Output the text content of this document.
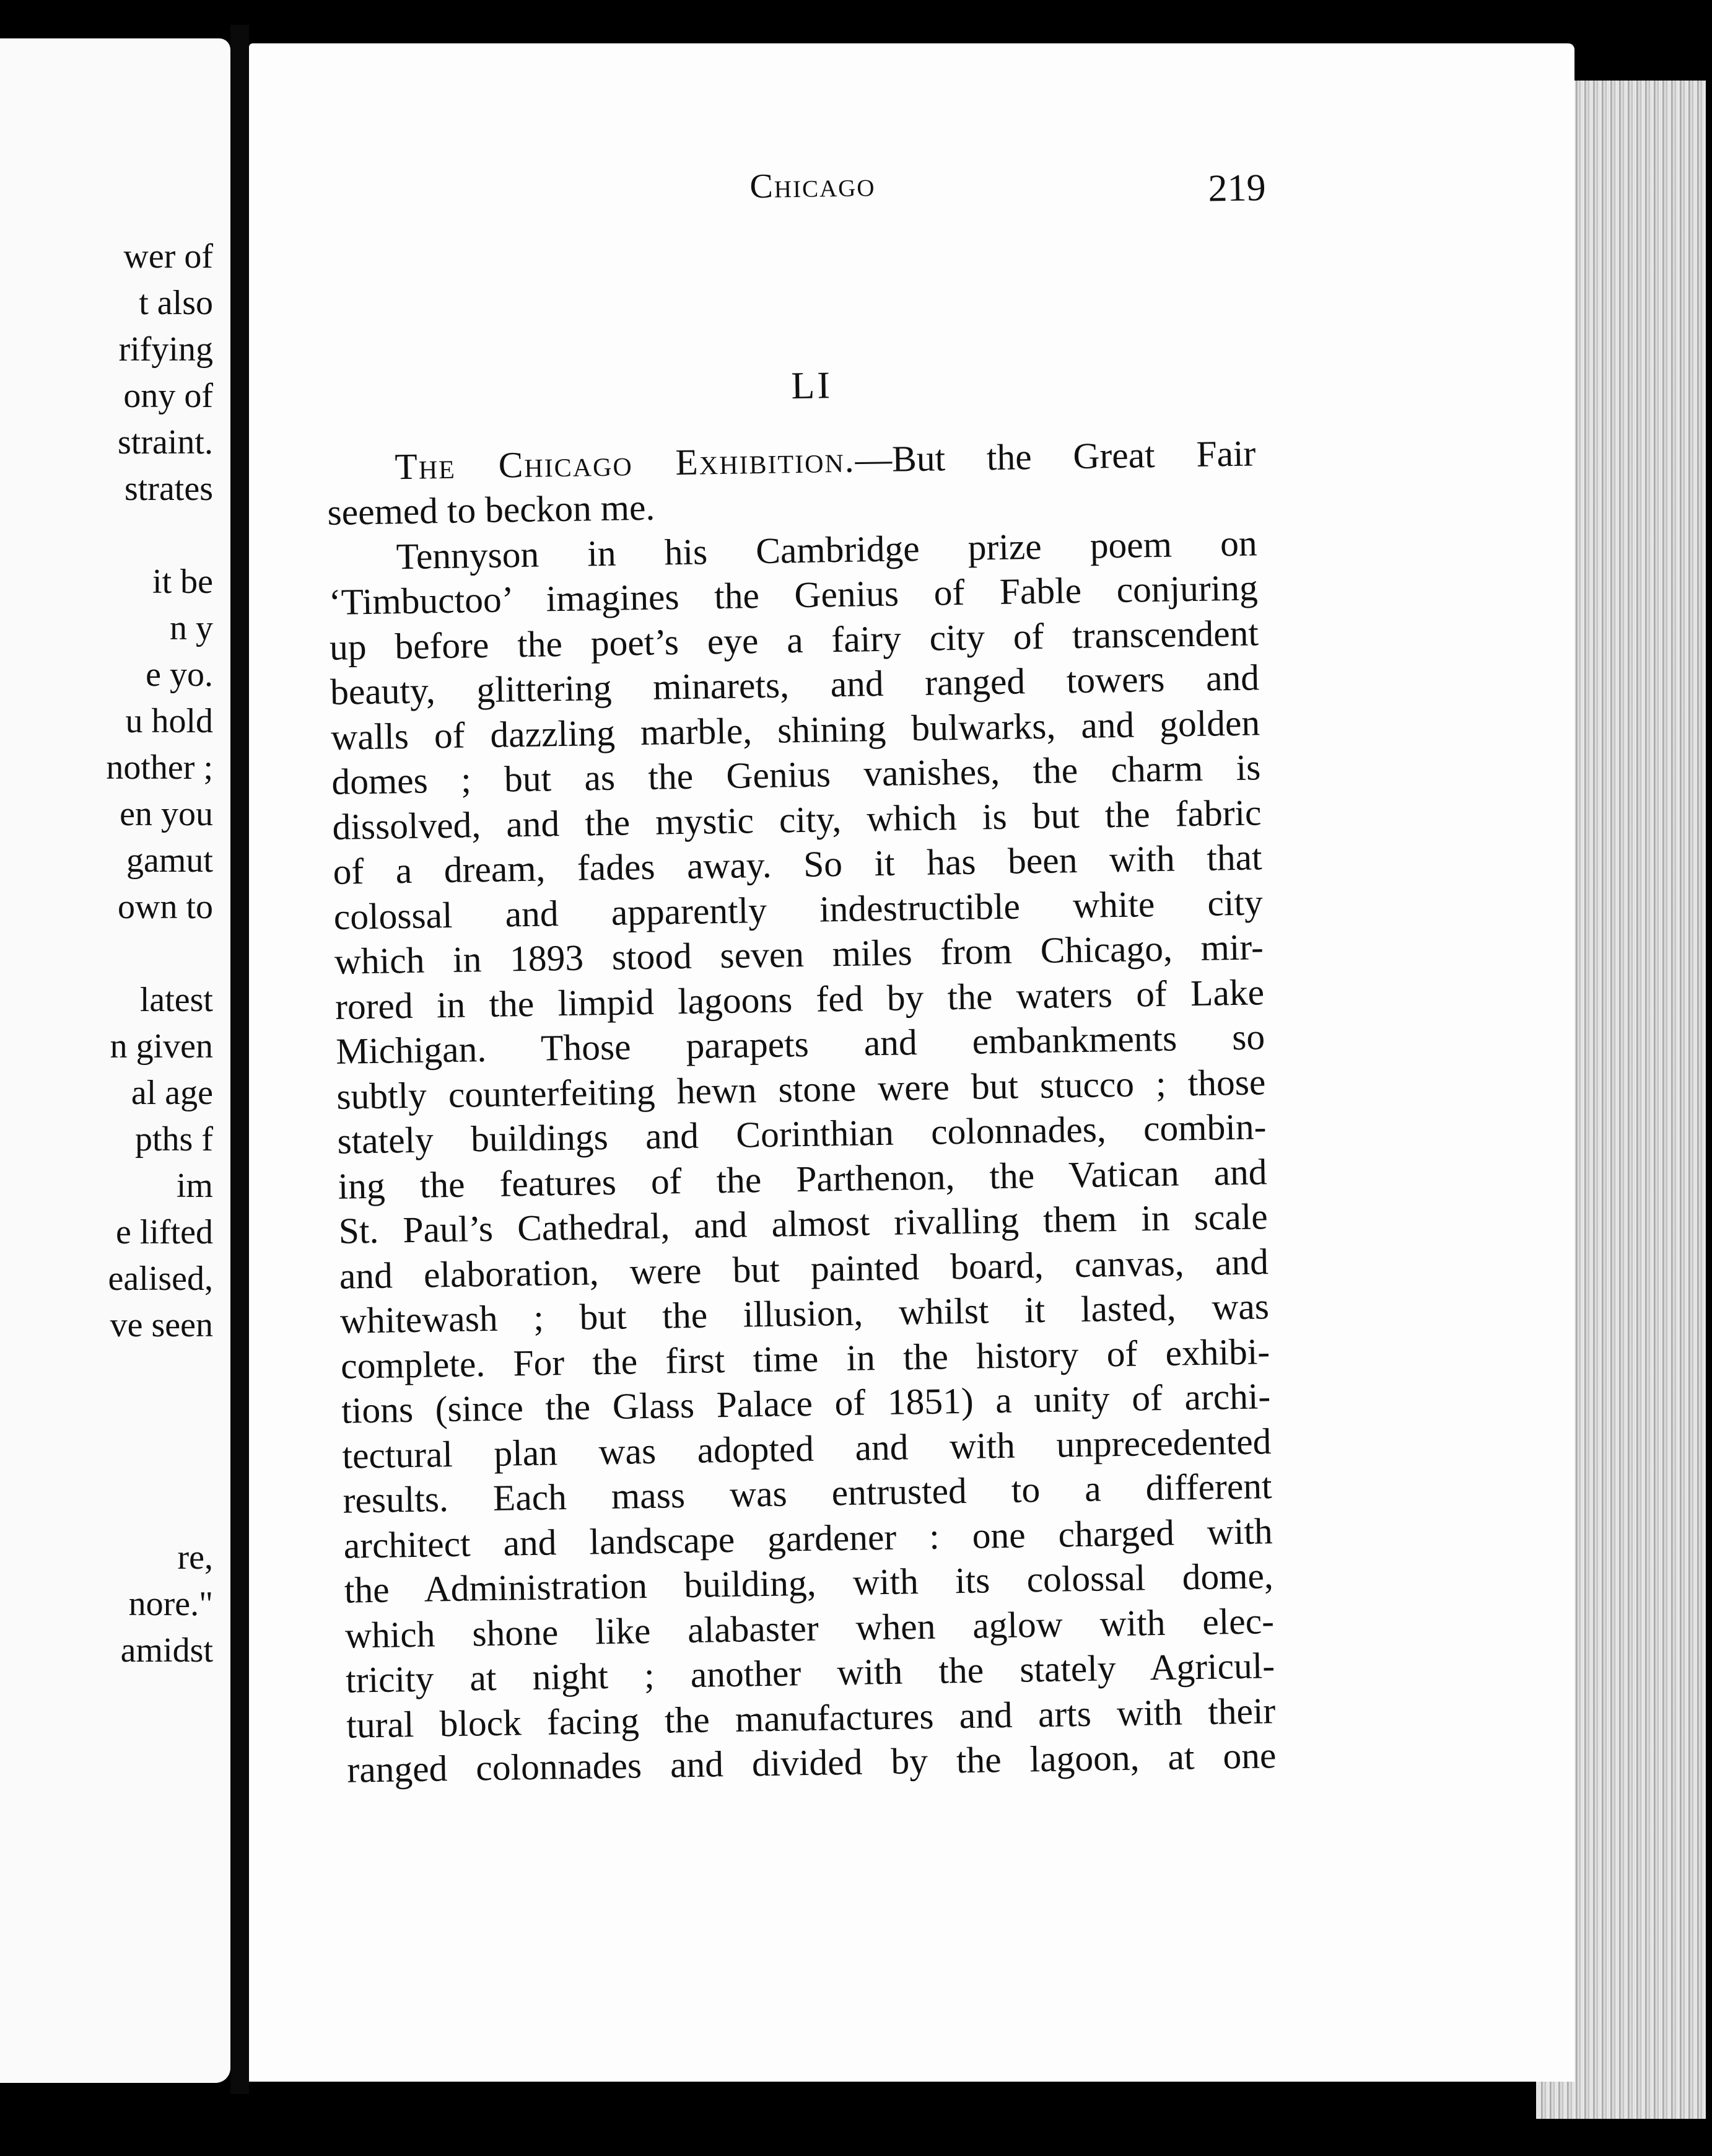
wer of
t also
rifying
ony of
straint.
strates
it be
n y
e yo.
u hold
nother ;
en you
gamut
own to
latest
n given
al age
pths f
im
e lifted
ealised,
ve seen
re,
nore."
amidst
Chicago	219
LI
The Chicago Exhibition.—But the Great Fair
seemed to beckon me.
Tennyson in his Cambridge prize poem on
‘Timbuctoo’ imagines the Genius of Fable conjuring
up before the poet’s eye a fairy city of transcendent
beauty, glittering minarets, and ranged towers and
walls of dazzling marble, shining bulwarks, and golden
domes ; but as the Genius vanishes, the charm is
dissolved, and the mystic city, which is but the fabric
of a dream, fades away. So it has been with that
colossal and apparently indestructible white city
which in 1893 stood seven miles from Chicago, mir-
rored in the limpid lagoons fed by the waters of Lake
Michigan. Those parapets and embankments so
subtly counterfeiting hewn stone were but stucco ; those
stately buildings and Corinthian colonnades, combin-
ing the features of the Parthenon, the Vatican and
St. Paul’s Cathedral, and almost rivalling them in scale
and elaboration, were but painted board, canvas, and
whitewash ; but the illusion, whilst it lasted, was
complete. For the first time in the history of exhibi-
tions (since the Glass Palace of 1851) a unity of archi-
tectural plan was adopted and with unprecedented
results. Each mass was entrusted to a different
architect and landscape gardener : one charged with
the Administration building, with its colossal dome,
which shone like alabaster when aglow with elec-
tricity at night ; another with the stately Agricul-
tural block facing the manufactures and arts with their
ranged colonnades and divided by the lagoon, at one
